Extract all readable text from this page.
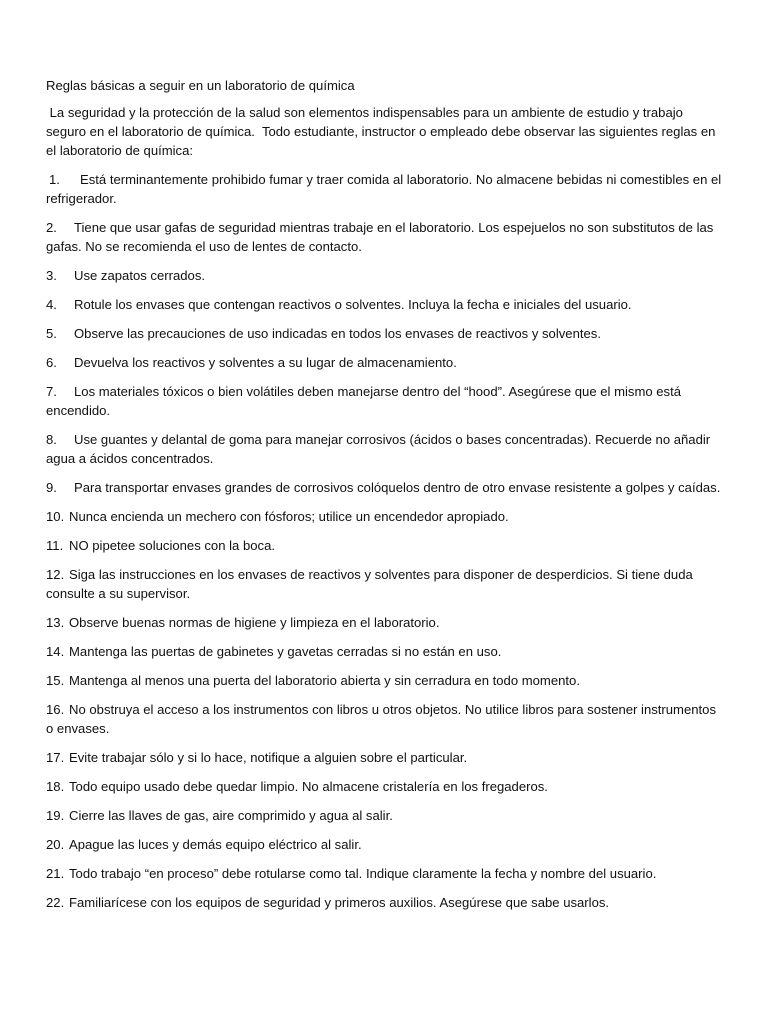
Reglas básicas a seguir en un laboratorio de química

La seguridad y la protección de la salud son elementos indispensables para un ambiente de estudio y trabajo seguro en el laboratorio de química.  Todo estudiante, instructor o empleado debe observar las siguientes reglas en el laboratorio de química:

1. Está terminantemente prohibido fumar y traer comida al laboratorio. No almacene bebidas ni comestibles en el refrigerador.

2. Tiene que usar gafas de seguridad mientras trabaje en el laboratorio. Los espejuelos no son substitutos de las gafas. No se recomienda el uso de lentes de contacto.

3. Use zapatos cerrados.

4. Rotule los envases que contengan reactivos o solventes. Incluya la fecha e iniciales del usuario.

5. Observe las precauciones de uso indicadas en todos los envases de reactivos y solventes.

6. Devuelva los reactivos y solventes a su lugar de almacenamiento.

7. Los materiales tóxicos o bien volátiles deben manejarse dentro del “hood”. Asegúrese que el mismo está encendido.

8. Use guantes y delantal de goma para manejar corrosivos (ácidos o bases concentradas). Recuerde no añadir agua a ácidos concentrados.

9. Para transportar envases grandes de corrosivos colóquelos dentro de otro envase resistente a golpes y caídas.

10. Nunca encienda un mechero con fósforos; utilice un encendedor apropiado.

11. NO pipetee soluciones con la boca.

12. Siga las instrucciones en los envases de reactivos y solventes para disponer de desperdicios. Si tiene duda consulte a su supervisor.

13. Observe buenas normas de higiene y limpieza en el laboratorio.

14. Mantenga las puertas de gabinetes y gavetas cerradas si no están en uso.

15. Mantenga al menos una puerta del laboratorio abierta y sin cerradura en todo momento.

16. No obstruya el acceso a los instrumentos con libros u otros objetos. No utilice libros para sostener instrumentos o envases.

17. Evite trabajar sólo y si lo hace, notifique a alguien sobre el particular.

18. Todo equipo usado debe quedar limpio. No almacene cristalería en los fregaderos.

19. Cierre las llaves de gas, aire comprimido y agua al salir.

20. Apague las luces y demás equipo eléctrico al salir.

21. Todo trabajo “en proceso” debe rotularse como tal. Indique claramente la fecha y nombre del usuario.

22. Familiarícese con los equipos de seguridad y primeros auxilios. Asegúrese que sabe usarlos.
